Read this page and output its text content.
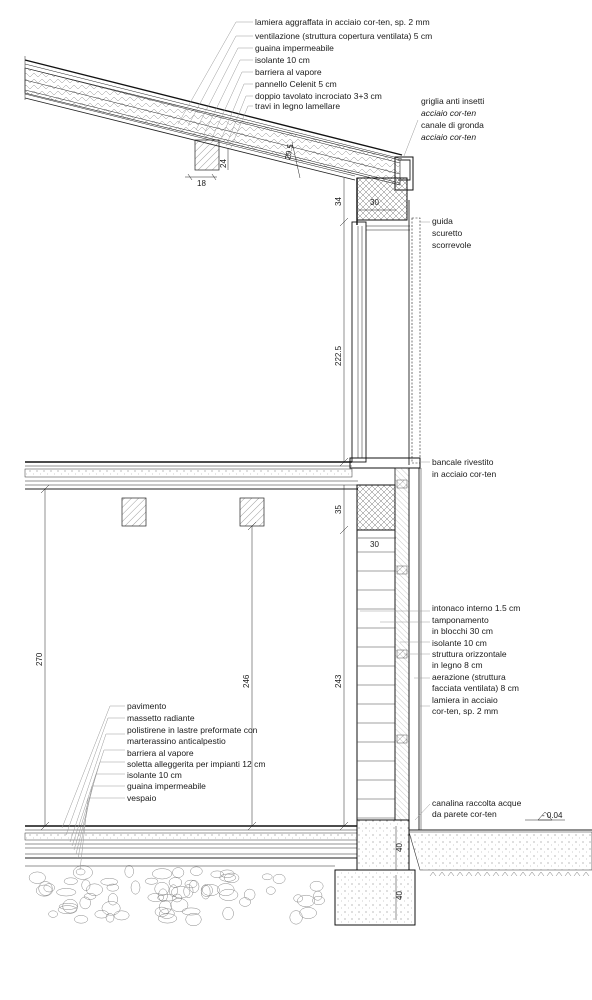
18
24
29.5
34	30
222.5
35
30
243
246
270
40
40
- 0.04
lamiera aggraffata in acciaio cor-ten, sp. 2 mm
ventilazione (struttura copertura ventilata) 5 cm
guaina impermeabile
isolante 10 cm
barriera al vapore
pannello Celenit 5 cm
doppio tavolato incrociato 3+3 cm
travi in legno lamellare	griglia anti insetti
acciaio cor-ten
canale di gronda
acciaio cor-ten
guida
scuretto
scorrevole
bancale rivestito
in acciaio cor-ten
intonaco interno 1.5 cm
tamponamento
in blocchi 30 cm
isolante 10 cm
struttura orizzontale
in legno 8 cm
aerazione (struttura
facciata ventilata) 8 cm
lamiera in acciaio
cor-ten, sp. 2 mm
pavimento
massetto radiante
polistirene in lastre preformate con
marterassino anticalpestio
barriera al vapore
soletta alleggerita per impianti 12 cm
isolante 10 cm
guaina impermeabile
vespaio	canalina raccolta acque
da parete cor-ten
